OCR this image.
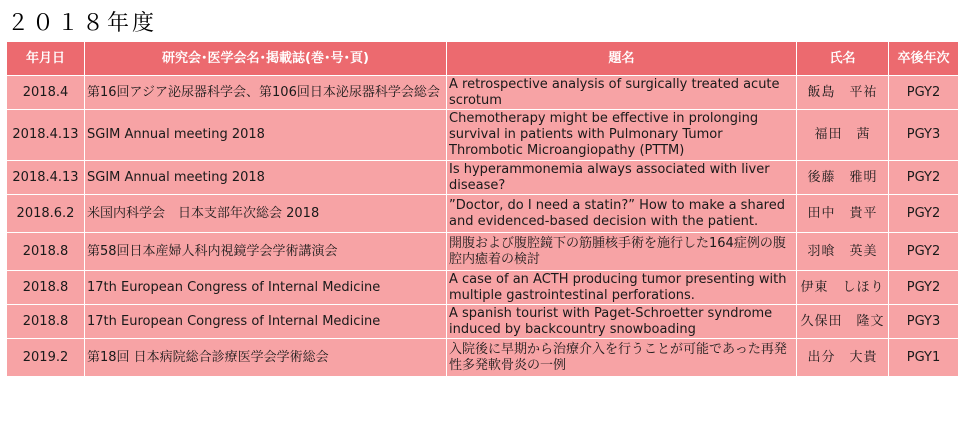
２０１８年度
年月日	研究会･医学会名･掲載誌(巻･号･頁)	題名	氏名	卒後年次
2018.4	第16回アジア泌尿器科学会、第106回日本泌尿器科学会総会	A retrospective analysis of surgically treated acute scrotum	飯島　平祐	PGY2
2018.4.13	SGIM Annual meeting 2018	Chemotherapy might be effective in prolonging survival in patients with Pulmonary Tumor Thrombotic Microangiopathy (PTTM)	福田　茜	PGY3
2018.4.13	SGIM Annual meeting 2018	Is hyperammonemia always associated with liver disease?	後藤　雅明	PGY2
2018.6.2	米国内科学会　日本支部年次総会 2018	”Doctor, do I need a statin?” How to make a shared and evidenced-based decision with the patient.	田中　貴平	PGY2
2018.8	第58回日本産婦人科内視鏡学会学術講演会	開腹および腹腔鏡下の筋腫核手術を施行した164症例の腹腔内癒着の検討	羽喰　英美	PGY2
2018.8	17th European Congress of Internal Medicine	A case of an ACTH producing tumor presenting with multiple gastrointestinal perforations.	伊東　しほり	PGY2
2018.8	17th European Congress of Internal Medicine	A spanish tourist with Paget-Schroetter syndrome induced by backcountry snowboading	久保田　隆文	PGY3
2019.2	第18回 日本病院総合診療医学会学術総会	入院後に早期から治療介入を行うことが可能であった再発性多発軟骨炎の一例	出分　大貴	PGY1
